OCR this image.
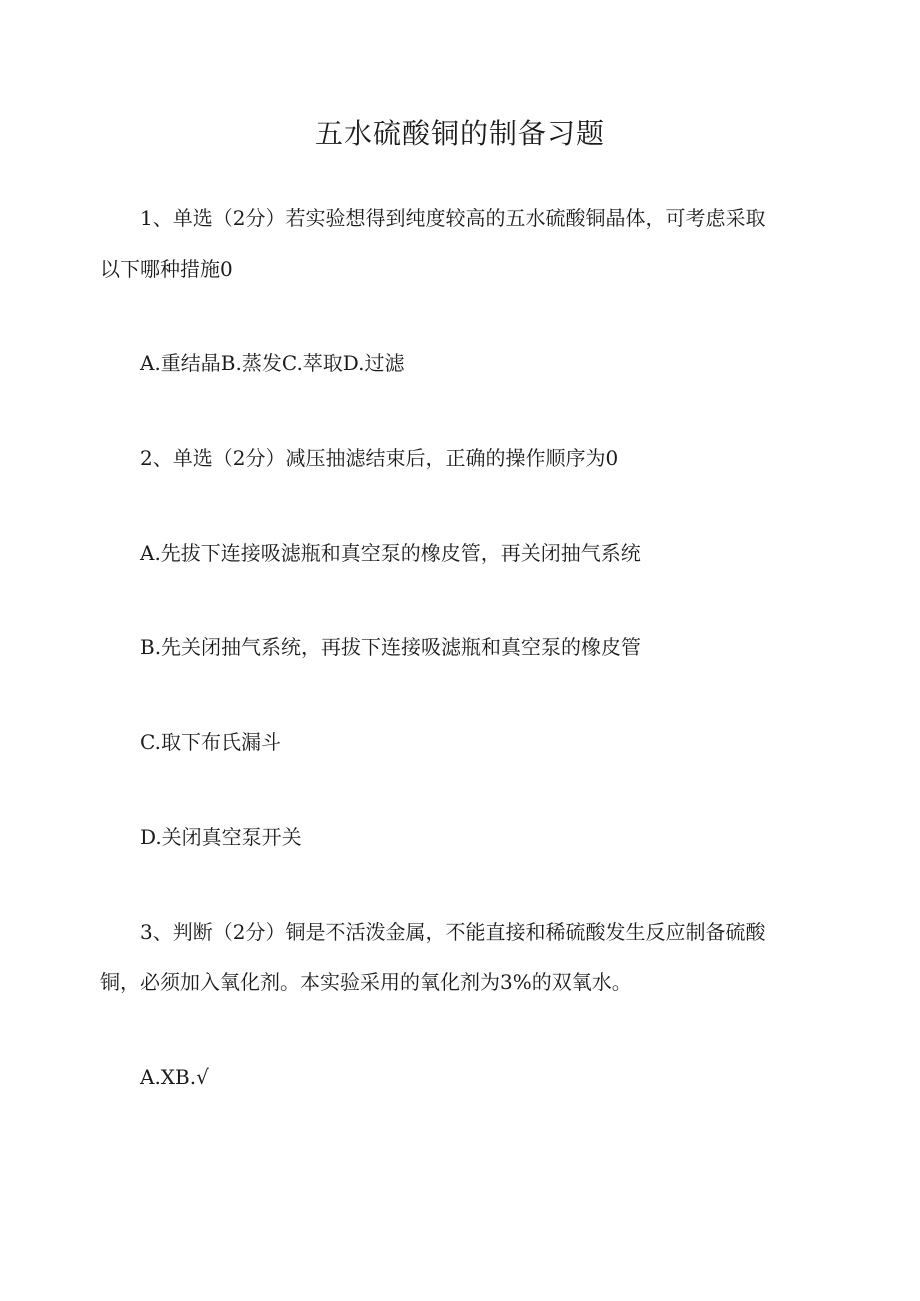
五水硫酸铜的制备习题
1、单选（2分）若实验想得到纯度较高的五水硫酸铜晶体，可考虑采取
以下哪种措施0
A.重结晶B.蒸发C.萃取D.过滤
2、单选（2分）减压抽滤结束后，正确的操作顺序为0
A.先拔下连接吸滤瓶和真空泵的橡皮管，再关闭抽气系统
B.先关闭抽气系统，再拔下连接吸滤瓶和真空泵的橡皮管
C.取下布氏漏斗
D.关闭真空泵开关
3、判断（2分）铜是不活泼金属，不能直接和稀硫酸发生反应制备硫酸
铜，必须加入氧化剂。本实验采用的氧化剂为3%的双氧水。
A.XB.√
